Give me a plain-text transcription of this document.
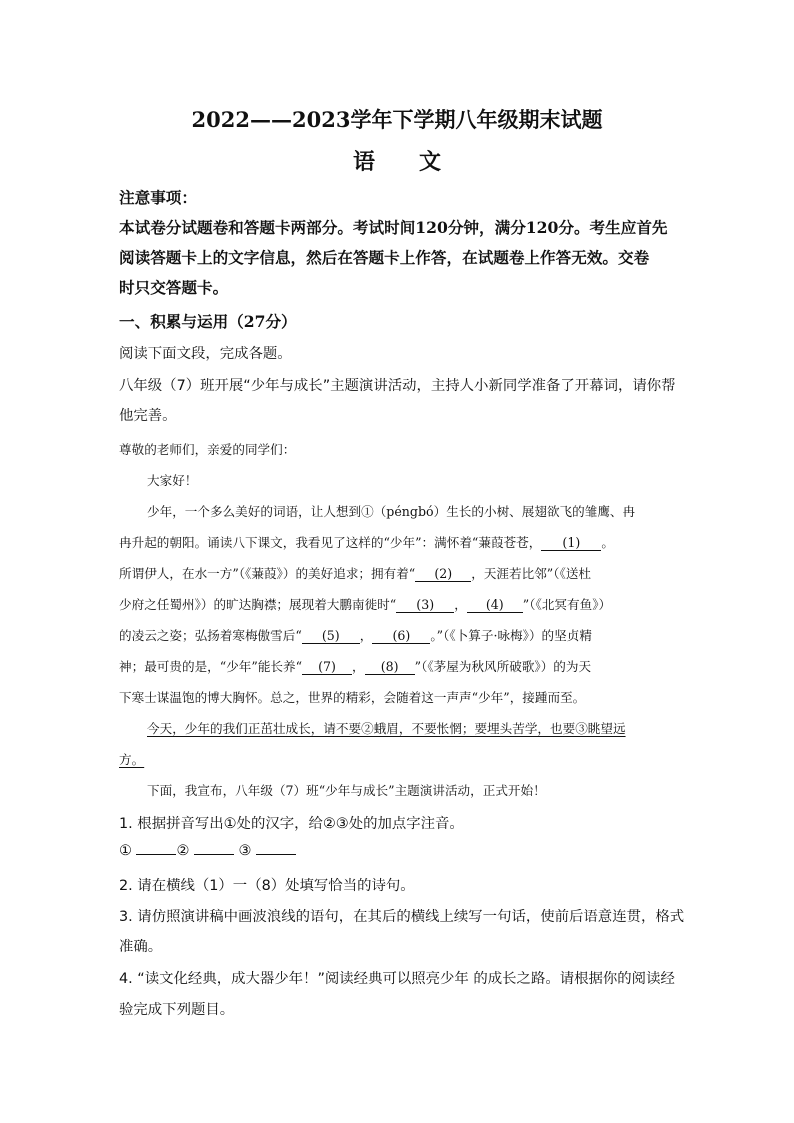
2022——2023学年下学期八年级期末试题
语 文
注意事项：
本试卷分试题卷和答题卡两部分。考试时间120分钟，满分120分。考生应首先
阅读答题卡上的文字信息，然后在答题卡上作答，在试题卷上作答无效。交卷
时只交答题卡。
一、积累与运用（27分）
阅读下面文段，完成各题。
八年级（7）班开展“少年与成长”主题演讲活动，主持人小新同学准备了开幕词，请你帮
他完善。
尊敬的老师们，亲爱的同学们：
大家好！
少年，一个多么美好的词语，让人想到①（péngbó）生长的小树、展翅欲飞的雏鹰、冉
冉升起的朝阳。诵读八下课文，我看见了这样的“少年”：满怀着“蒹葭苍苍， (1) 。
所谓伊人，在水一方”（《蒹葭》）的美好追求；拥有着“ (2) ，天涯若比邻”（《送杜
少府之任蜀州》）的旷达胸襟；展现着大鹏南徙时“ (3) ， (4) ”（《北冥有鱼》）
的凌云之姿；弘扬着寒梅傲雪后“ (5) ， (6) 。”（《卜算子·咏梅》）的坚贞精
神；最可贵的是，“少年”能长养“ (7) ， (8) ”（《茅屋为秋风所破歌》）的为天
下寒士谋温饱的博大胸怀。总之，世界的精彩，会随着这一声声“少年”，接踵而至。
今天，少年的我们正茁壮成长，请不要②蛾眉，不要怅惘；要埋头苦学，也要③眺望远
方。
下面，我宣布，八年级（7）班“少年与成长”主题演讲活动，正式开始！
1. 根据拼音写出①处的汉字，给②③处的加点字注音。
①	②	③
2. 请在横线（1）一（8）处填写恰当的诗句。
3. 请仿照演讲稿中画波浪线的语句，在其后的横线上续写一句话，使前后语意连贯，格式
准确。
4. “读文化经典，成大器少年！”阅读经典可以照亮少年 的成长之路。请根据你的阅读经
验完成下列题目。
